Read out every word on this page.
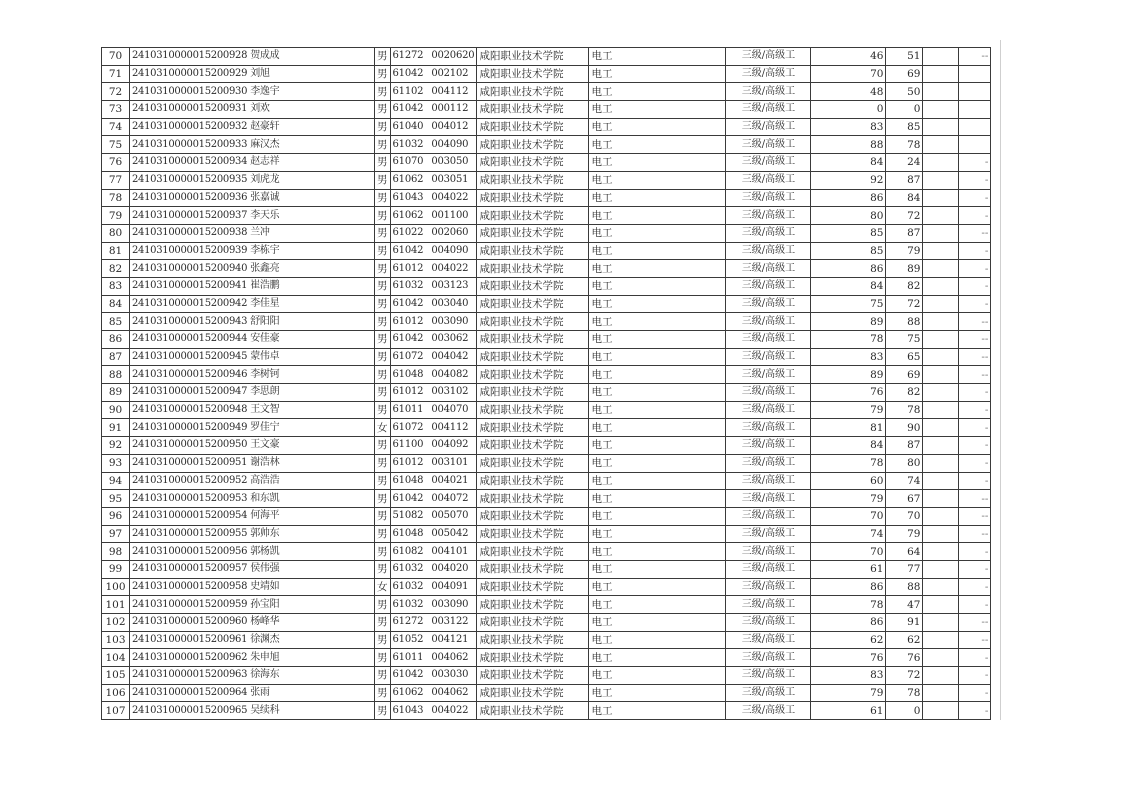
70	241031000001520092​8 贺成成	男	61272 0020620	咸阳职业技术学院	电工	三级/高级工	46	51		--
71	2410310000015200929 刘旭	男	61042 002102	咸阳职业技术学院	电工	三级/高级工	70	69		
72	2410310000015200930 李逸宇	男	61102 004112	咸阳职业技术学院	电工	三级/高级工	48	50		
73	2410310000015200931 刘欢	男	61042 000112	咸阳职业技术学院	电工	三级/高级工	0	0		
74	2410310000015200932 赵豪轩	男	61040 004012	咸阳职业技术学院	电工	三级/高级工	83	85		
75	2410310000015200933 麻汉杰	男	61032 004090	咸阳职业技术学院	电工	三级/高级工	88	78		
76	2410310000015200934 赵志祥	男	61070 003050	咸阳职业技术学院	电工	三级/高级工	84	24		-
77	2410310000015200935 刘虎龙	男	61062 003051	咸阳职业技术学院	电工	三级/高级工	92	87		-
78	2410310000015200936 张嘉诚	男	61043 004022	咸阳职业技术学院	电工	三级/高级工	86	84		-
79	2410310000015200937 李天乐	男	61062 001100	咸阳职业技术学院	电工	三级/高级工	80	72		-
80	2410310000015200938 兰冲	男	61022 002060	咸阳职业技术学院	电工	三级/高级工	85	87		--
81	2410310000015200939 李栋宇	男	61042 004090	咸阳职业技术学院	电工	三级/高级工	85	79		-
82	2410310000015200940 张鑫亮	男	61012 004022	咸阳职业技术学院	电工	三级/高级工	86	89		-
83	2410310000015200941 崔浩鹏	男	61032 003123	咸阳职业技术学院	电工	三级/高级工	84	82		-
84	2410310000015200942 李佳星	男	61042 003040	咸阳职业技术学院	电工	三级/高级工	75	72		-
85	2410310000015200943 舒阳阳	男	61012 003090	咸阳职业技术学院	电工	三级/高级工	89	88		--
86	2410310000015200944 安佳豪	男	61042 003062	咸阳职业技术学院	电工	三级/高级工	78	75		--
87	2410310000015200945 蒙伟卓	男	61072 004042	咸阳职业技术学院	电工	三级/高级工	83	65		--
88	2410310000015200946 李树钶	男	61048 004082	咸阳职业技术学院	电工	三级/高级工	89	69		--
89	2410310000015200947 李思朗	男	61012 003102	咸阳职业技术学院	电工	三级/高级工	76	82		-
90	2410310000015200948 王文智	男	61011 004070	咸阳职业技术学院	电工	三级/高级工	79	78		-
91	2410310000015200949 罗佳宁	女	61072 004112	咸阳职业技术学院	电工	三级/高级工	81	90		-
92	2410310000015200950 王文豪	男	61100 004092	咸阳职业技术学院	电工	三级/高级工	84	87		-
93	2410310000015200951 谢浩林	男	61012 003101	咸阳职业技术学院	电工	三级/高级工	78	80		-
94	2410310000015200952 高浩浩	男	61048 004021	咸阳职业技术学院	电工	三级/高级工	60	74		-
95	2410310000015200953 和东凯	男	61042 004072	咸阳职业技术学院	电工	三级/高级工	79	67		--
96	2410310000015200954 何海平	男	51082 005070	咸阳职业技术学院	电工	三级/高级工	70	70		--
97	2410310000015200955 郭帅东	男	61048 005042	咸阳职业技术学院	电工	三级/高级工	74	79		--
98	2410310000015200956 郭杨凯	男	61082 004101	咸阳职业技术学院	电工	三级/高级工	70	64		-
99	2410310000015200957 侯伟强	男	61032 004020	咸阳职业技术学院	电工	三级/高级工	61	77		-
100	2410310000015200958 史靖如	女	61032 004091	咸阳职业技术学院	电工	三级/高级工	86	88		-
101	2410310000015200959 孙宝阳	男	61032 003090	咸阳职业技术学院	电工	三级/高级工	78	47		-
102	2410310000015200960 杨峰华	男	61272 003122	咸阳职业技术学院	电工	三级/高级工	86	91		--
103	2410310000015200961 徐渊杰	男	61052 004121	咸阳职业技术学院	电工	三级/高级工	62	62		--
104	2410310000015200962 朱申旭	男	61011 004062	咸阳职业技术学院	电工	三级/高级工	76	76		-
105	2410310000015200963 徐海东	男	61042 003030	咸阳职业技术学院	电工	三级/高级工	83	72		-
106	2410310000015200964 张雨	男	61062 004062	咸阳职业技术学院	电工	三级/高级工	79	78		-
107	2410310000015200965 吴续科	男	61043 004022	咸阳职业技术学院	电工	三级/高级工	61	0		-
